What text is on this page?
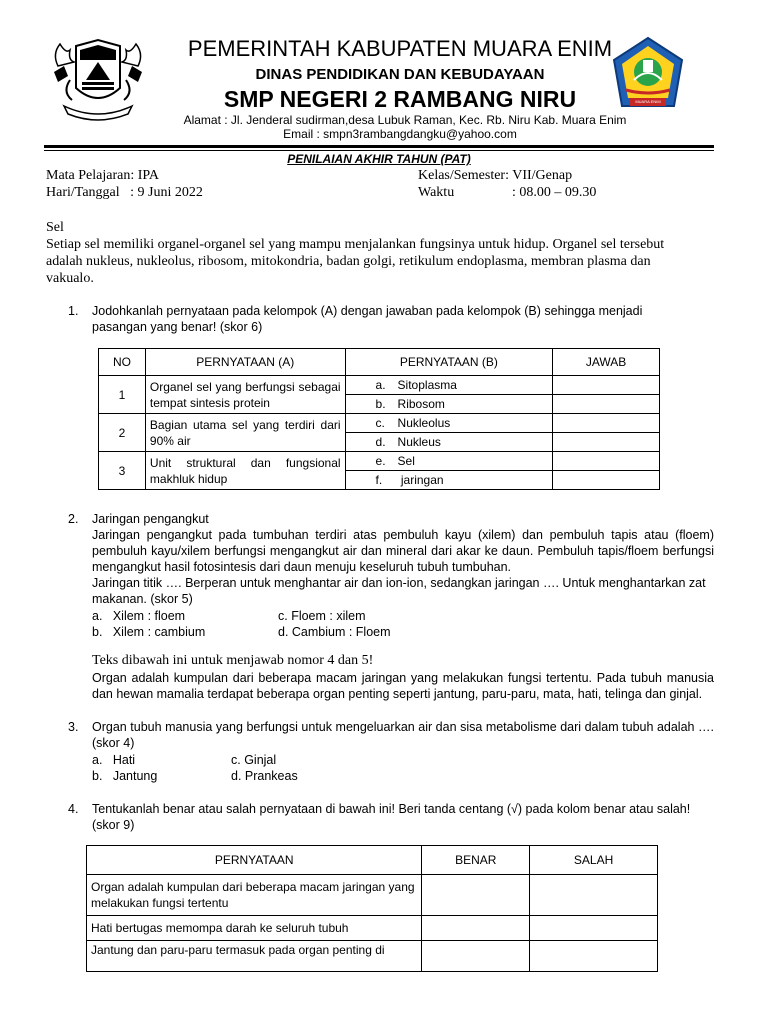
MUARA ENIM
PEMERINTAH KABUPATEN MUARA ENIM
DINAS PENDIDIKAN DAN KEBUDAYAAN
SMP NEGERI 2 RAMBANG NIRU
Alamat : Jl. Jenderal sudirman,desa Lubuk Raman, Kec. Rb. Niru Kab. Muara Enim
Email : smpn3rambangdangku@yahoo.com
PENILAIAN AKHIR TAHUN (PAT)
Mata Pelajaran: IPA
Hari/Tanggal   : 9 Juni 2022
Kelas/Semester: VII/Genap
Waktu	: 08.00 – 09.30
Sel
Setiap sel memiliki organel-organel sel yang mampu menjalankan fungsinya untuk hidup. Organel sel tersebut adalah nukleus, nukleolus, ribosom, mitokondria, badan golgi, retikulum endoplasma, membran plasma dan vakualo.
1. Jodohkanlah pernyataan pada kelompok (A) dengan jawaban pada kelompok (B) sehingga menjadi pasangan yang benar! (skor 6)
NO	PERNYATAAN (A)	PERNYATAAN (B)	JAWAB
1	Organel sel yang berfungsi sebagai tempat sintesis protein	a. Sitoplasma	
		b. Ribosom	
2	Bagian utama sel yang terdiri dari 90% air	c. Nukleolus	
		d. Nukleus	
3	Unit struktural dan fungsional makhluk hidup	e. Sel	
		f. jaringan	
2. Jaringan pengangkut
Jaringan pengangkut pada tumbuhan terdiri atas pembuluh kayu (xilem) dan pembuluh tapis atau (floem) pembuluh kayu/xilem berfungsi mengangkut air dan mineral dari akar ke daun. Pembuluh tapis/floem berfungsi mengangkut hasil fotosintesis dari daun menuju keseluruh tubuh tumbuhan.
Jaringan titik …. Berperan untuk menghantar air dan ion-ion, sedangkan jaringan …. Untuk menghantarkan zat makanan. (skor 5)
a.   Xilem : floem
b.   Xilem : cambium
c. Floem : xilem
d. Cambium : Floem
Teks dibawah ini untuk menjawab nomor 4 dan 5!
Organ adalah kumpulan dari beberapa macam jaringan yang melakukan fungsi tertentu. Pada tubuh manusia dan hewan mamalia terdapat beberapa organ penting seperti jantung, paru-paru, mata, hati, telinga dan ginjal.
3. Organ tubuh manusia yang berfungsi untuk mengeluarkan air dan sisa metabolisme dari dalam tubuh adalah …. (skor 4)
a.   Hati
b.   Jantung
c. Ginjal
d. Prankeas
4. Tentukanlah benar atau salah pernyataan di bawah ini! Beri tanda centang (√) pada kolom benar atau salah! (skor 9)
PERNYATAAN	BENAR	SALAH
Organ adalah kumpulan dari beberapa macam jaringan yang melakukan fungsi tertentu		
Hati bertugas memompa darah ke seluruh tubuh		
Jantung dan paru-paru termasuk pada organ penting di		
